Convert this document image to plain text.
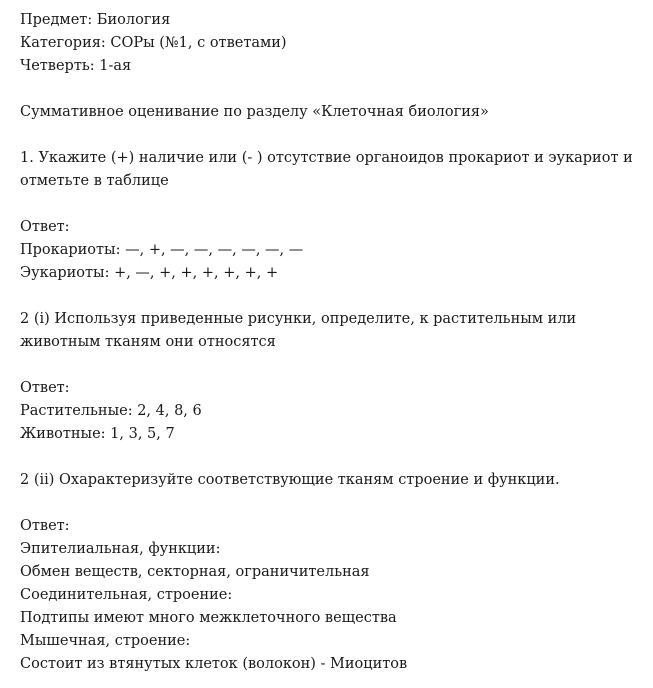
Предмет: Биология
Категория: СОРы (№1, с ответами)
Четверть: 1-ая
Суммативное оценивание по разделу «Клеточная биология»
1. Укажите (+) наличие или (- ) отсутствие органоидов прокариот и эукариот и
отметьте в таблице
Ответ:
Прокариоты: —, +, —, —, —, —, —, —
Эукариоты: +, —, +, +, +, +, +, +
2 (i) Используя приведенные рисунки, определите, к растительным или
животным тканям они относятся
Ответ:
Растительные: 2, 4, 8, 6
Животные: 1, 3, 5, 7
2 (ii) Охарактеризуйте соответствующие тканям строение и функции.
Ответ:
Эпителиальная, функции:
Обмен веществ, секторная, ограничительная
Соединительная, строение:
Подтипы имеют много межклеточного вещества
Мышечная, строение:
Состоит из втянутых клеток (волокон) - Миоцитов
